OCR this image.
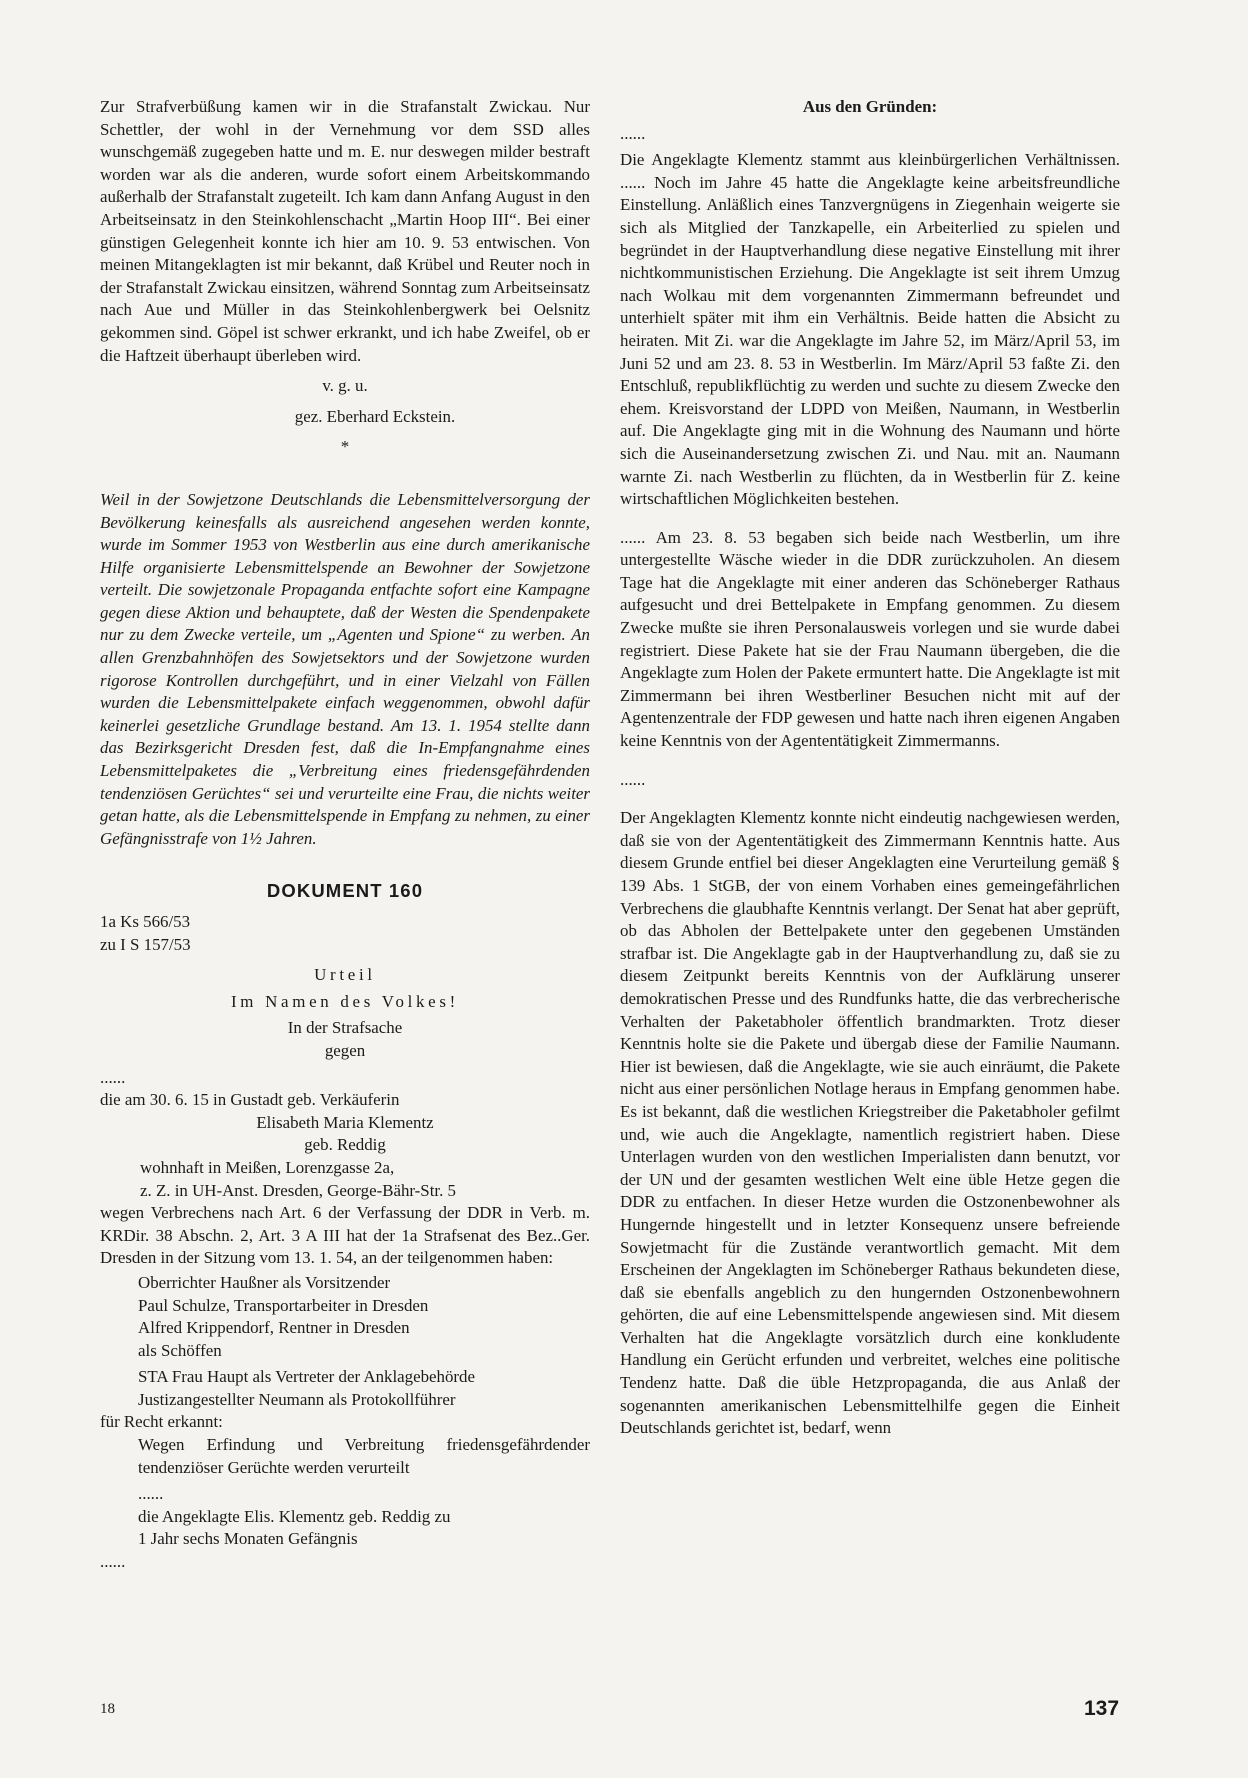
Zur Strafverbüßung kamen wir in die Strafanstalt Zwickau. Nur Schettler, der wohl in der Vernehmung vor dem SSD alles wunschgemäß zugegeben hatte und m. E. nur deswegen milder bestraft worden war als die anderen, wurde sofort einem Arbeitskommando außerhalb der Strafanstalt zugeteilt. Ich kam dann Anfang August in den Arbeitseinsatz in den Steinkohlenschacht „Martin Hoop III“. Bei einer günstigen Gelegenheit konnte ich hier am 10. 9. 53 entwischen. Von meinen Mitangeklagten ist mir bekannt, daß Krübel und Reuter noch in der Strafanstalt Zwickau einsitzen, während Sonntag zum Arbeitseinsatz nach Aue und Müller in das Steinkohlenbergwerk bei Oelsnitz gekommen sind. Göpel ist schwer erkrankt, und ich habe Zweifel, ob er die Haftzeit überhaupt überleben wird.

v. g. u.

gez. Eberhard Eckstein.

*

Weil in der Sowjetzone Deutschlands die Lebensmittelversorgung der Bevölkerung keinesfalls als ausreichend angesehen werden konnte, wurde im Sommer 1953 von Westberlin aus eine durch amerikanische Hilfe organisierte Lebensmittelspende an Bewohner der Sowjetzone verteilt. Die sowjetzonale Propaganda entfachte sofort eine Kampagne gegen diese Aktion und behauptete, daß der Westen die Spendenpakete nur zu dem Zwecke verteile, um „Agenten und Spione“ zu werben. An allen Grenzbahnhöfen des Sowjetsektors und der Sowjetzone wurden rigorose Kontrollen durchgeführt, und in einer Vielzahl von Fällen wurden die Lebensmittelpakete einfach weggenommen, obwohl dafür keinerlei gesetzliche Grundlage bestand. Am 13. 1. 1954 stellte dann das Bezirksgericht Dresden fest, daß die In-Empfangnahme eines Lebensmittelpaketes die „Verbreitung eines friedensgefährdenden tendenziösen Gerüchtes“ sei und verurteilte eine Frau, die nichts weiter getan hatte, als die Lebensmittelspende in Empfang zu nehmen, zu einer Gefängnisstrafe von 1½ Jahren.

DOKUMENT 160

1a Ks 566/53

zu I S 157/53

Urteil

Im Namen des Volkes!

In der Strafsache

gegen

......

die am 30. 6. 15 in Gustadt geb. Verkäuferin

Elisabeth Maria Klementz

geb. Reddig

wohnhaft in Meißen, Lorenzgasse 2a,

z. Z. in UH-Anst. Dresden, George-Bähr-Str. 5

wegen Verbrechens nach Art. 6 der Verfassung der DDR in Verb. m. KRDir. 38 Abschn. 2, Art. 3 A III hat der 1a Strafsenat des Bez..Ger. Dresden in der Sitzung vom 13. 1. 54, an der teilgenommen haben:

Oberrichter Haußner als Vorsitzender

Paul Schulze, Transportarbeiter in Dresden

Alfred Krippendorf, Rentner in Dresden

als Schöffen

STA Frau Haupt als Vertreter der Anklagebehörde

Justizangestellter Neumann als Protokollführer

für Recht erkannt:

Wegen Erfindung und Verbreitung friedensgefährdender tendenziöser Gerüchte werden verurteilt

......

die Angeklagte Elis. Klementz geb. Reddig zu

1 Jahr sechs Monaten Gefängnis

......

Aus den Gründen:

......

Die Angeklagte Klementz stammt aus kleinbürgerlichen Verhältnissen. ...... Noch im Jahre 45 hatte die Angeklagte keine arbeitsfreundliche Einstellung. Anläßlich eines Tanzvergnügens in Ziegenhain weigerte sie sich als Mitglied der Tanzkapelle, ein Arbeiterlied zu spielen und begründet in der Hauptverhandlung diese negative Einstellung mit ihrer nichtkommunistischen Erziehung. Die Angeklagte ist seit ihrem Umzug nach Wolkau mit dem vorgenannten Zimmermann befreundet und unterhielt später mit ihm ein Verhältnis. Beide hatten die Absicht zu heiraten. Mit Zi. war die Angeklagte im Jahre 52, im März/April 53, im Juni 52 und am 23. 8. 53 in Westberlin. Im März/April 53 faßte Zi. den Entschluß, republikflüchtig zu werden und suchte zu diesem Zwecke den ehem. Kreisvorstand der LDPD von Meißen, Naumann, in Westberlin auf. Die Angeklagte ging mit in die Wohnung des Naumann und hörte sich die Auseinandersetzung zwischen Zi. und Nau. mit an. Naumann warnte Zi. nach Westberlin zu flüchten, da in Westberlin für Z. keine wirtschaftlichen Möglichkeiten bestehen.

...... Am 23. 8. 53 begaben sich beide nach Westberlin, um ihre untergestellte Wäsche wieder in die DDR zurückzuholen. An diesem Tage hat die Angeklagte mit einer anderen das Schöneberger Rathaus aufgesucht und drei Bettelpakete in Empfang genommen. Zu diesem Zwecke mußte sie ihren Personalausweis vorlegen und sie wurde dabei registriert. Diese Pakete hat sie der Frau Naumann übergeben, die die Angeklagte zum Holen der Pakete ermuntert hatte. Die Angeklagte ist mit Zimmermann bei ihren Westberliner Besuchen nicht mit auf der Agentenzentrale der FDP gewesen und hatte nach ihren eigenen Angaben keine Kenntnis von der Agententätigkeit Zimmermanns.

......

Der Angeklagten Klementz konnte nicht eindeutig nachgewiesen werden, daß sie von der Agententätigkeit des Zimmermann Kenntnis hatte. Aus diesem Grunde entfiel bei dieser Angeklagten eine Verurteilung gemäß § 139 Abs. 1 StGB, der von einem Vorhaben eines gemeingefährlichen Verbrechens die glaubhafte Kenntnis verlangt. Der Senat hat aber geprüft, ob das Abholen der Bettelpakete unter den gegebenen Umständen strafbar ist. Die Angeklagte gab in der Hauptverhandlung zu, daß sie zu diesem Zeitpunkt bereits Kenntnis von der Aufklärung unserer demokratischen Presse und des Rundfunks hatte, die das verbrecherische Verhalten der Paketabholer öffentlich brandmarkten. Trotz dieser Kenntnis holte sie die Pakete und übergab diese der Familie Naumann. Hier ist bewiesen, daß die Angeklagte, wie sie auch einräumt, die Pakete nicht aus einer persönlichen Notlage heraus in Empfang genommen habe. Es ist bekannt, daß die westlichen Kriegstreiber die Paketabholer gefilmt und, wie auch die Angeklagte, namentlich registriert haben. Diese Unterlagen wurden von den westlichen Imperialisten dann benutzt, vor der UN und der gesamten westlichen Welt eine üble Hetze gegen die DDR zu entfachen. In dieser Hetze wurden die Ostzonenbewohner als Hungernde hingestellt und in letzter Konsequenz unsere befreiende Sowjetmacht für die Zustände verantwortlich gemacht. Mit dem Erscheinen der Angeklagten im Schöneberger Rathaus bekundeten diese, daß sie ebenfalls angeblich zu den hungernden Ostzonenbewohnern gehörten, die auf eine Lebensmittelspende angewiesen sind. Mit diesem Verhalten hat die Angeklagte vorsätzlich durch eine konkludente Handlung ein Gerücht erfunden und verbreitet, welches eine politische Tendenz hatte. Daß die üble Hetzpropaganda, die aus Anlaß der sogenannten amerikanischen Lebensmittelhilfe gegen die Einheit Deutschlands gerichtet ist, bedarf, wenn

18	137
